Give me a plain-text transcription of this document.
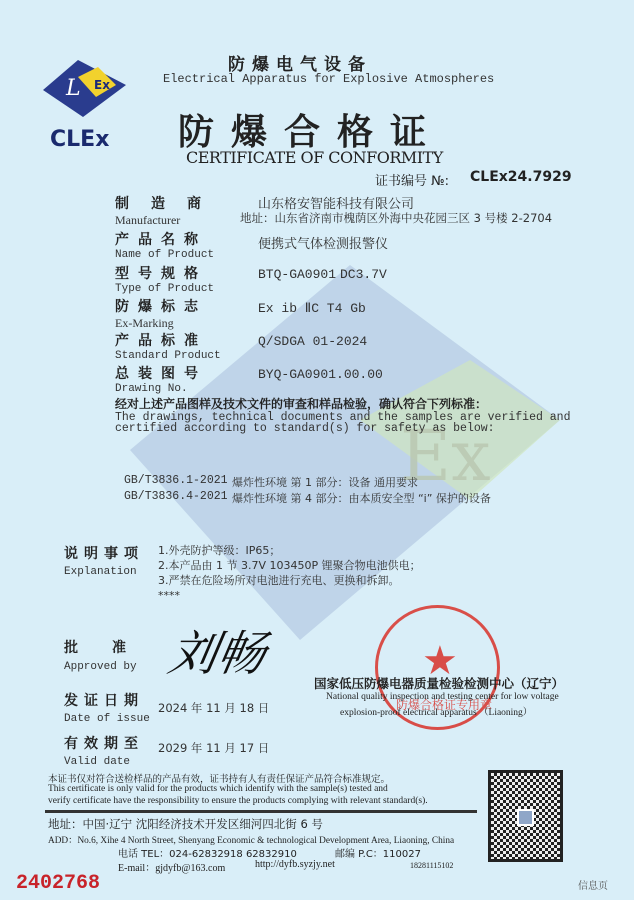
Ex
Ex
L
CLEx
防爆电气设备
Electrical Apparatus for Explosive Atmospheres
防爆合格证
CERTIFICATE OF CONFORMITY
证书编号 №: CLEx24.7929
制造商
Manufacturer
山东格安智能科技有限公司
地址：山东省济南市槐荫区外海中央花园三区 3 号楼 2-2704
产品名称
Name of Product
便携式气体检测报警仪
型号规格
Type of Product
BTQ-GA0901 DC3.7V
防爆标志
Ex-Marking
Ex ib ⅡC T4 Gb
产品标准
Standard Product
Q/SDGA 01-2024
总装图号
Drawing No.
BYQ-GA0901.00.00
经对上述产品图样及技术文件的审查和样品检验，确认符合下列标准：
The drawings, technical documents and the samples are verified and
certified according to standard(s) for safety as below:
GB/T3836.1-2021 爆炸性环境 第 1 部分：设备 通用要求
GB/T3836.4-2021 爆炸性环境 第 4 部分：由本质安全型 “i” 保护的设备
说明事项
Explanation
1.外壳防护等级：IP65；
2.本产品由 1 节 3.7V 103450P 锂聚合物电池供电；
3.严禁在危险场所对电池进行充电、更换和拆卸。
****
批准
Approved by 刘畅
发证日期
Date of issue
2024 年 11 月 18 日
有效期至
Valid date
2029 年 11 月 17 日
★
防爆合格证专用章
国家低压防爆电器质量检验检测中心（辽宁）
National quality inspection and testing center for low voltage
explosion-proof electrical apparatus （Liaoning）
本证书仅对符合送检样品的产品有效，证书持有人有责任保证产品符合标准规定。
This certificate is only valid for the products which identify with the sample(s) tested and
verify certificate have the responsibility to ensure the products complying with relevant standard(s).
地址：中国·辽宁 沈阳经济技术开发区细河四北街 6 号
ADD：No.6, Xihe 4 North Street, Shenyang Economic & technological Development Area, Liaoning, China
电话 TEL：024-62832918 62832910	邮编 P.C：110027
E-mail：gjdyfb@163.com	http://dyfb.syzjy.net	18281115102
2402768	信息页
